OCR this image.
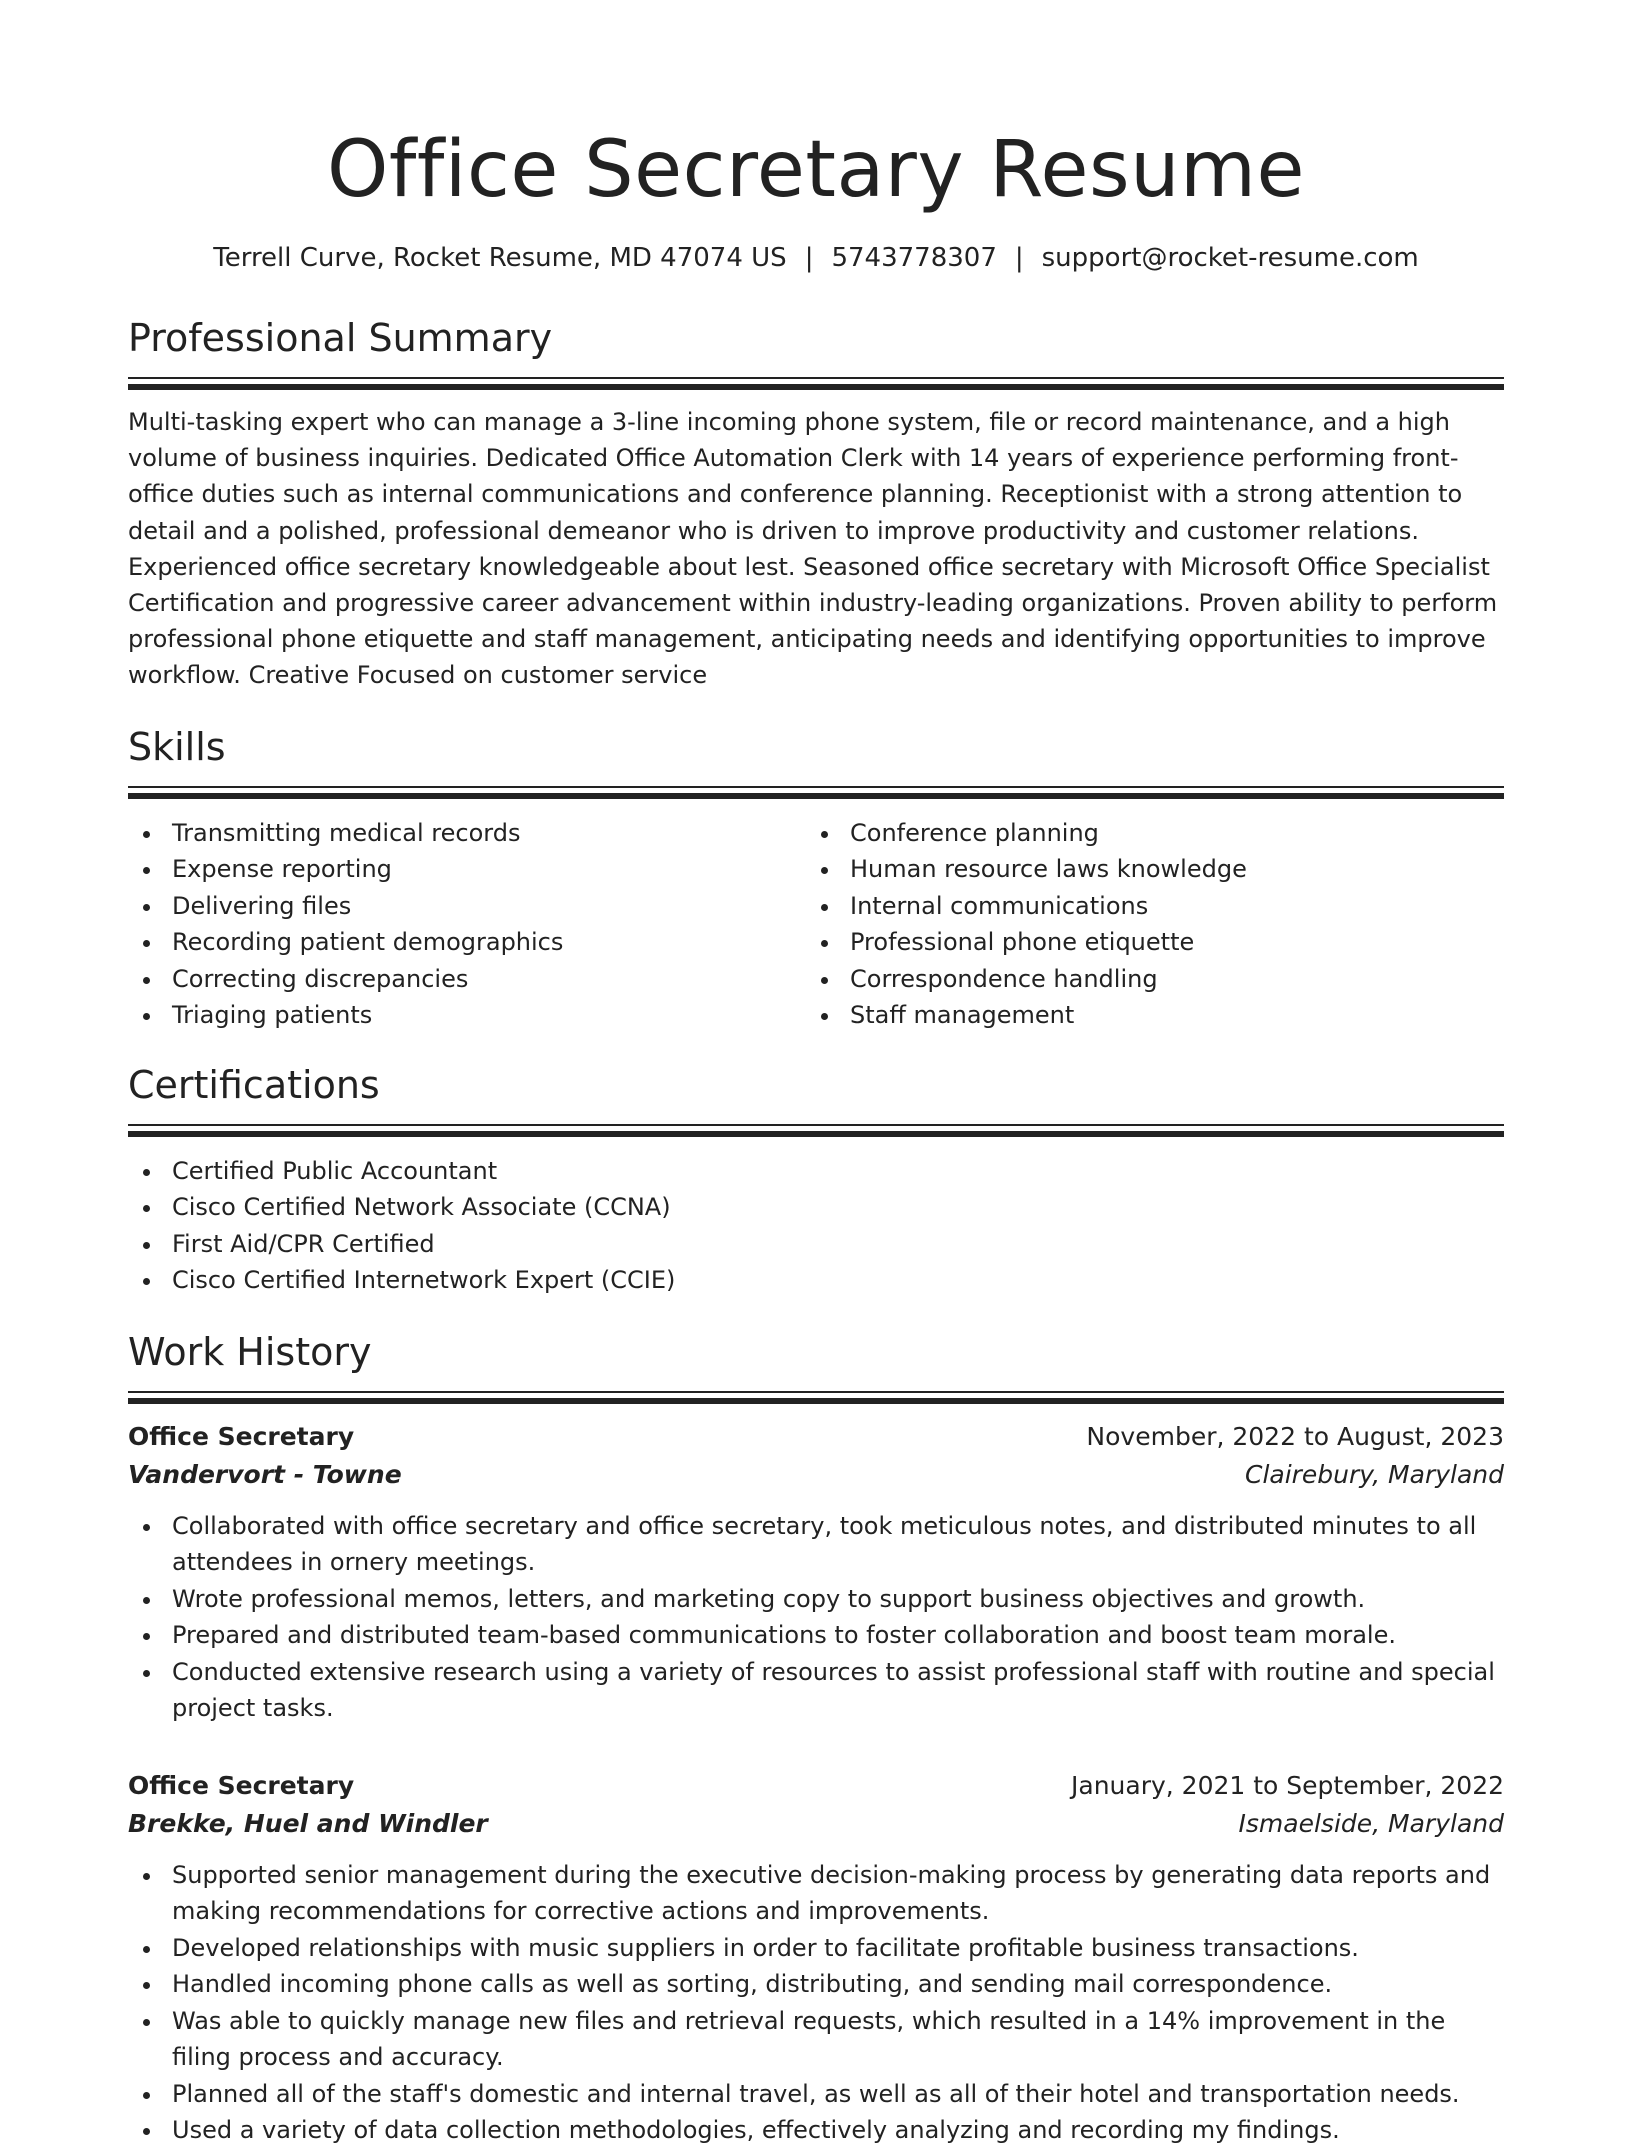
Office Secretary Resume
Terrell Curve, Rocket Resume, MD 47074 US | 5743778307 | support@rocket-resume.com
Professional Summary

Multi-tasking expert who can manage a 3-line incoming phone system, file or record maintenance, and a high volume of business inquiries. Dedicated Office Automation Clerk with 14 years of experience performing front-office duties such as internal communications and conference planning. Receptionist with a strong attention to detail and a polished, professional demeanor who is driven to improve productivity and customer relations. Experienced office secretary knowledgeable about lest. Seasoned office secretary with Microsoft Office Specialist Certification and progressive career advancement within industry-leading organizations. Proven ability to perform professional phone etiquette and staff management, anticipating needs and identifying opportunities to improve workflow. Creative Focused on customer service

Skills
Transmitting medical records
Expense reporting
Delivering files
Recording patient demographics
Correcting discrepancies
Triaging patients
Conference planning
Human resource laws knowledge
Internal communications
Professional phone etiquette
Correspondence handling
Staff management
Certifications
Certified Public Accountant
Cisco Certified Network Associate (CCNA)
First Aid/CPR Certified
Cisco Certified Internetwork Expert (CCIE)
Work History
Office Secretary	November, 2022 to August, 2023
Vandervort - Towne	Clairebury, Maryland
Collaborated with office secretary and office secretary, took meticulous notes, and distributed minutes to all attendees in ornery meetings.
Wrote professional memos, letters, and marketing copy to support business objectives and growth.
Prepared and distributed team-based communications to foster collaboration and boost team morale.
Conducted extensive research using a variety of resources to assist professional staff with routine and special project tasks.
Office Secretary	January, 2021 to September, 2022
Brekke, Huel and Windler	Ismaelside, Maryland
Supported senior management during the executive decision-making process by generating data reports and making recommendations for corrective actions and improvements.
Developed relationships with music suppliers in order to facilitate profitable business transactions.
Handled incoming phone calls as well as sorting, distributing, and sending mail correspondence.
Was able to quickly manage new files and retrieval requests, which resulted in a 14% improvement in the filing process and accuracy.
Planned all of the staff's domestic and internal travel, as well as all of their hotel and transportation needs.
Used a variety of data collection methodologies, effectively analyzing and recording my findings.
